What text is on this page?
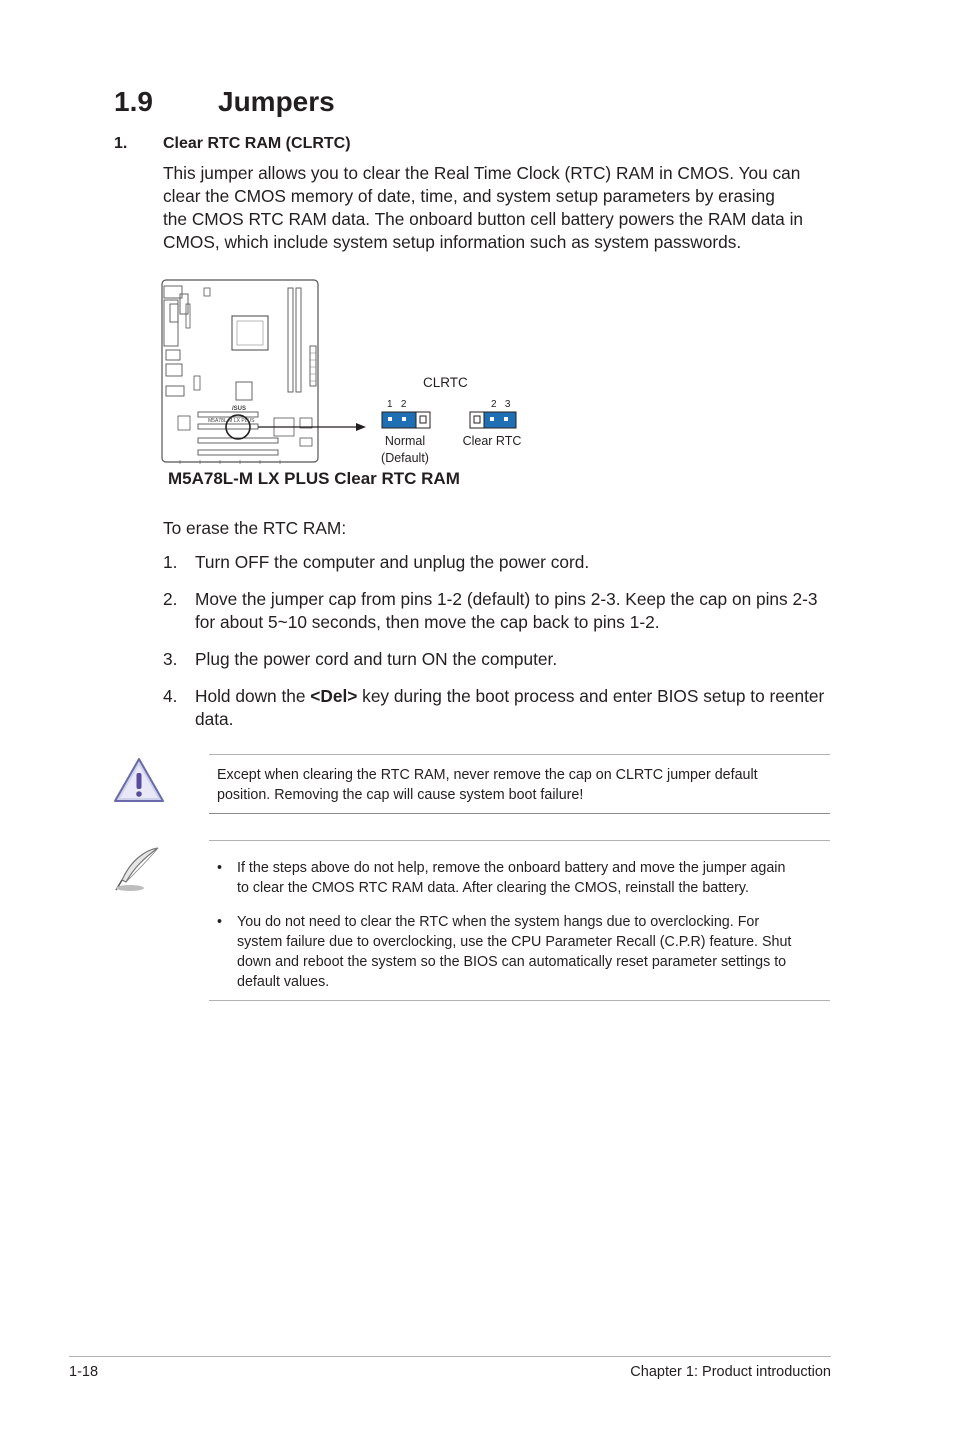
1.9 Jumpers
1. Clear RTC RAM (CLRTC)
This jumper allows you to clear the Real Time Clock (RTC) RAM in CMOS. You can
clear the CMOS memory of date, time, and system setup parameters by erasing
the CMOS RTC RAM data. The onboard button cell battery powers the RAM data in
CMOS, which include system setup information such as system passwords.
/SUS
M5A78L-M LX PLUS
CLRTC
1   2	2   3
Normal
(Default)
Clear RTC
M5A78L-M LX PLUS Clear RTC RAM
To erase the RTC RAM:
1. Turn OFF the computer and unplug the power cord.
2. Move the jumper cap from pins 1-2 (default) to pins 2-3. Keep the cap on pins 2-3
for about 5~10 seconds, then move the cap back to pins 1-2.
3. Plug the power cord and turn ON the computer.
4. Hold down the <Del> key during the boot process and enter BIOS setup to reenter
data.
Except when clearing the RTC RAM, never remove the cap on CLRTC jumper default
position. Removing the cap will cause system boot failure!
• If the steps above do not help, remove the onboard battery and move the jumper again
to clear the CMOS RTC RAM data. After clearing the CMOS, reinstall the battery.
• You do not need to clear the RTC when the system hangs due to overclocking. For
system failure due to overclocking, use the CPU Parameter Recall (C.P.R) feature. Shut
down and reboot the system so the BIOS can automatically reset parameter settings to
default values.
1-18	Chapter 1: Product introduction
